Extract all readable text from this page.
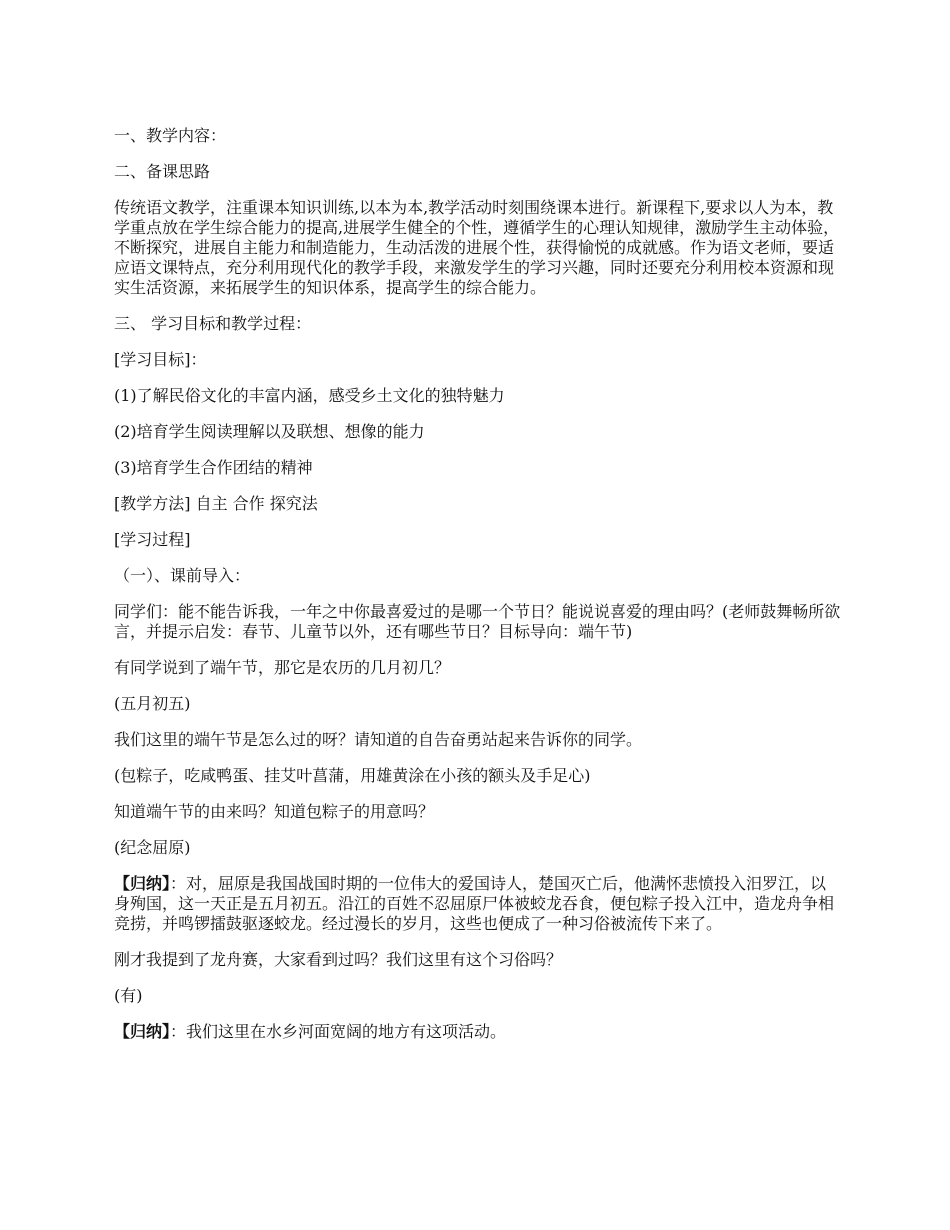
一、教学内容：

二、备课思路

传统语文教学，注重课本知识训练,以本为本,教学活动时刻围绕课本进行。新课程下,要求以人为本，教学重点放在学生综合能力的提高,进展学生健全的个性，遵循学生的心理认知规律，激励学生主动体验，不断探究，进展自主能力和制造能力，生动活泼的进展个性，获得愉悦的成就感。作为语文老师，要适应语文课特点，充分利用现代化的教学手段，来激发学生的学习兴趣，同时还要充分利用校本资源和现实生活资源，来拓展学生的知识体系，提高学生的综合能力。

三、 学习目标和教学过程：

[学习目标]：

(1)了解民俗文化的丰富内涵，感受乡土文化的独特魅力

(2)培育学生阅读理解以及联想、想像的能力

(3)培育学生合作团结的精神

[教学方法] 自主 合作 探究法

[学习过程]

（一）、课前导入：

同学们：能不能告诉我，一年之中你最喜爱过的是哪一个节日？能说说喜爱的理由吗？(老师鼓舞畅所欲言，并提示启发：春节、儿童节以外，还有哪些节日？目标导向：端午节)

有同学说到了端午节，那它是农历的几月初几？

(五月初五)

我们这里的端午节是怎么过的呀？请知道的自告奋勇站起来告诉你的同学。

(包粽子，吃咸鸭蛋、挂艾叶菖蒲，用雄黄涂在小孩的额头及手足心)

知道端午节的由来吗？知道包粽子的用意吗？

(纪念屈原)

【归纳】：对，屈原是我国战国时期的一位伟大的爱国诗人，楚国灭亡后，他满怀悲愤投入汨罗江，以身殉国，这一天正是五月初五。沿江的百姓不忍屈原尸体被蛟龙吞食，便包粽子投入江中，造龙舟争相竞捞，并鸣锣擂鼓驱逐蛟龙。经过漫长的岁月，这些也便成了一种习俗被流传下来了。

刚才我提到了龙舟赛，大家看到过吗？我们这里有这个习俗吗？

(有)

【归纳】：我们这里在水乡河面宽阔的地方有这项活动。
